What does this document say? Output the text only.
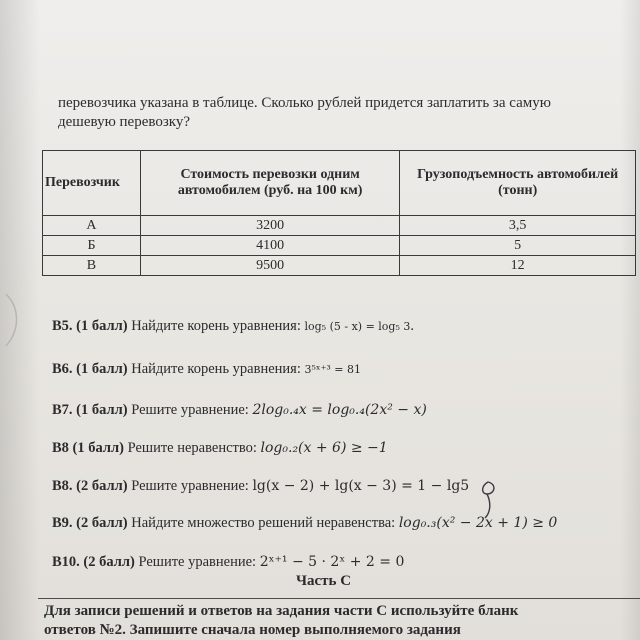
перевозчика указана в таблице. Сколько рублей придется заплатить за самую

дешевую перевозку?

Перевозчик	Стоимость перевозки одним автомобилем (руб. на 100 км)	Грузоподъемность автомобилей (тонн)
А	3200	3,5
Б	4100	5
В	9500	12
В5. (1 балл) Найдите корень уравнения: log₅ (5 - x) = log₅ 3.
В6. (1 балл) Найдите корень уравнения: 3⁵ˣ⁺³ = 81
В7. (1 балл) Решите уравнение: 2log₀.₄x = log₀.₄(2x² − x)
В8 (1 балл) Решите неравенство: log₀.₂(x + 6) ≥ −1
В8. (2 балл) Решите уравнение: lg(x − 2) + lg(x − 3) = 1 − lg5
В9. (2 балл) Найдите множество решений неравенства: log₀.₃(x² − 2x + 1) ≥ 0
В10. (2 балл) Решите уравнение: 2ˣ⁺¹ − 5 · 2ˣ + 2 = 0
Часть С

Для записи решений и ответов на задания части С используйте бланк

ответов №2. Запишите сначала номер выполняемого задания
